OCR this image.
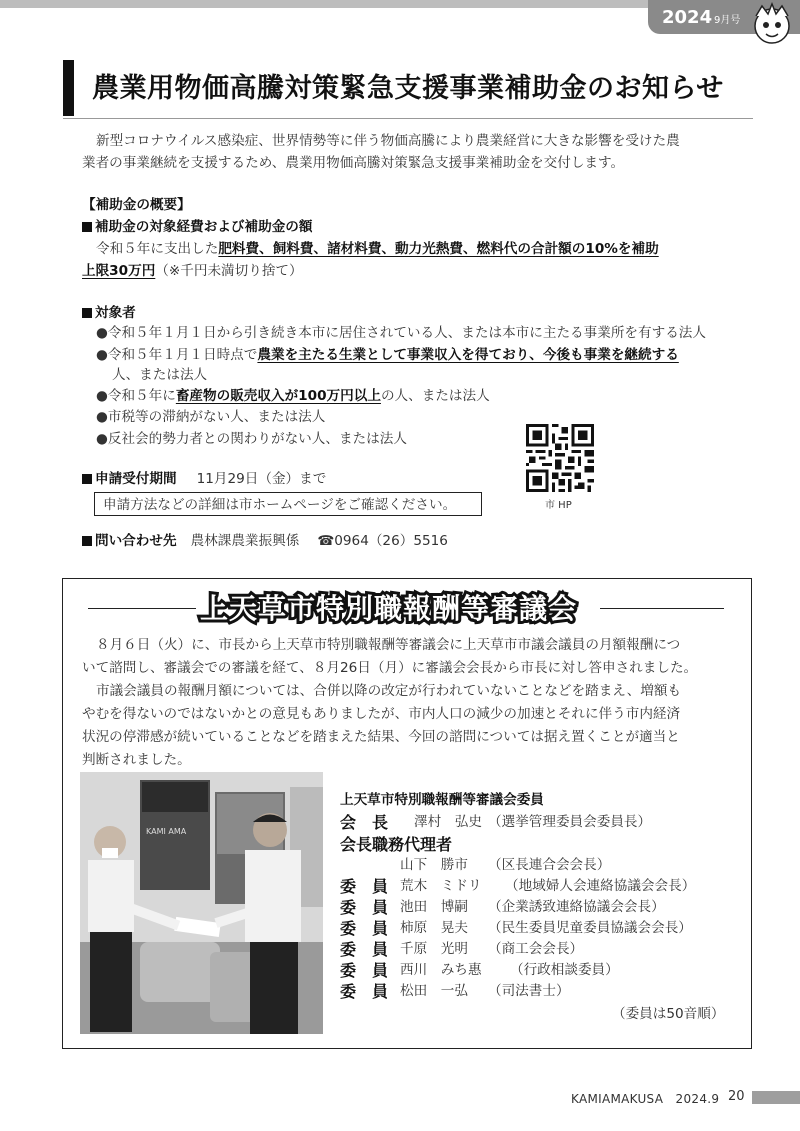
2024 9月号
農業用物価高騰対策緊急支援事業補助金のお知らせ

新型コロナウイルス感染症、世界情勢等に伴う物価高騰により農業経営に大きな影響を受けた農

業者の事業継続を支援するため、農業用物価高騰対策緊急支援事業補助金を交付します。

【補助金の概要】

補助金の対象経費および補助金の額

令和５年に支出した肥料費、飼料費、諸材料費、動力光熱費、燃料代の合計額の10%を補助

上限30万円（※千円未満切り捨て）

対象者

●令和５年１月１日から引き続き本市に居住されている人、または本市に主たる事業所を有する法人

●令和５年１月１日時点で農業を主たる生業として事業収入を得ており、今後も事業を継続する

人、または法人

●令和５年に畜産物の販売収入が100万円以上の人、または法人

●市税等の滞納がない人、または法人

●反社会的勢力者との関わりがない人、または法人

市 HP

申請受付期間 11月29日（金）まで

申請方法などの詳細は市ホームページをご確認ください。

問い合わせ先 農林課農業振興係 ☎0964（26）5516

上天草市特別職報酬等審議会

８月６日（火）に、市長から上天草市特別職報酬等審議会に上天草市市議会議員の月額報酬につ

いて諮問し、審議会での審議を経て、８月26日（月）に審議会会長から市長に対し答申されました。

市議会議員の報酬月額については、合併以降の改定が行われていないことなどを踏まえ、増額も

やむを得ないのではないかとの意見もありましたが、市内人口の減少の加速とそれに伴う市内経済

状況の停滞感が続いていることなどを踏まえた結果、今回の諮問については据え置くことが適当と

判断されました。

KAMI AMA
上天草市特別職報酬等審議会委員
会　長 澤村　弘史 （選挙管理委員会委員長）
会長職務代理者
山下　勝市 （区長連合会会長）
委　員 荒木　ミドリ （地域婦人会連絡協議会会長）
委　員 池田　博嗣 （企業誘致連絡協議会会長）
委　員 柿原　晃夫 （民生委員児童委員協議会会長）
委　員 千原　光明 （商工会会長）
委　員 西川　みち惠 （行政相談委員）
委　員 松田　一弘 （司法書士）
（委員は50音順）
KAMIAMAKUSA　2024.9 20
